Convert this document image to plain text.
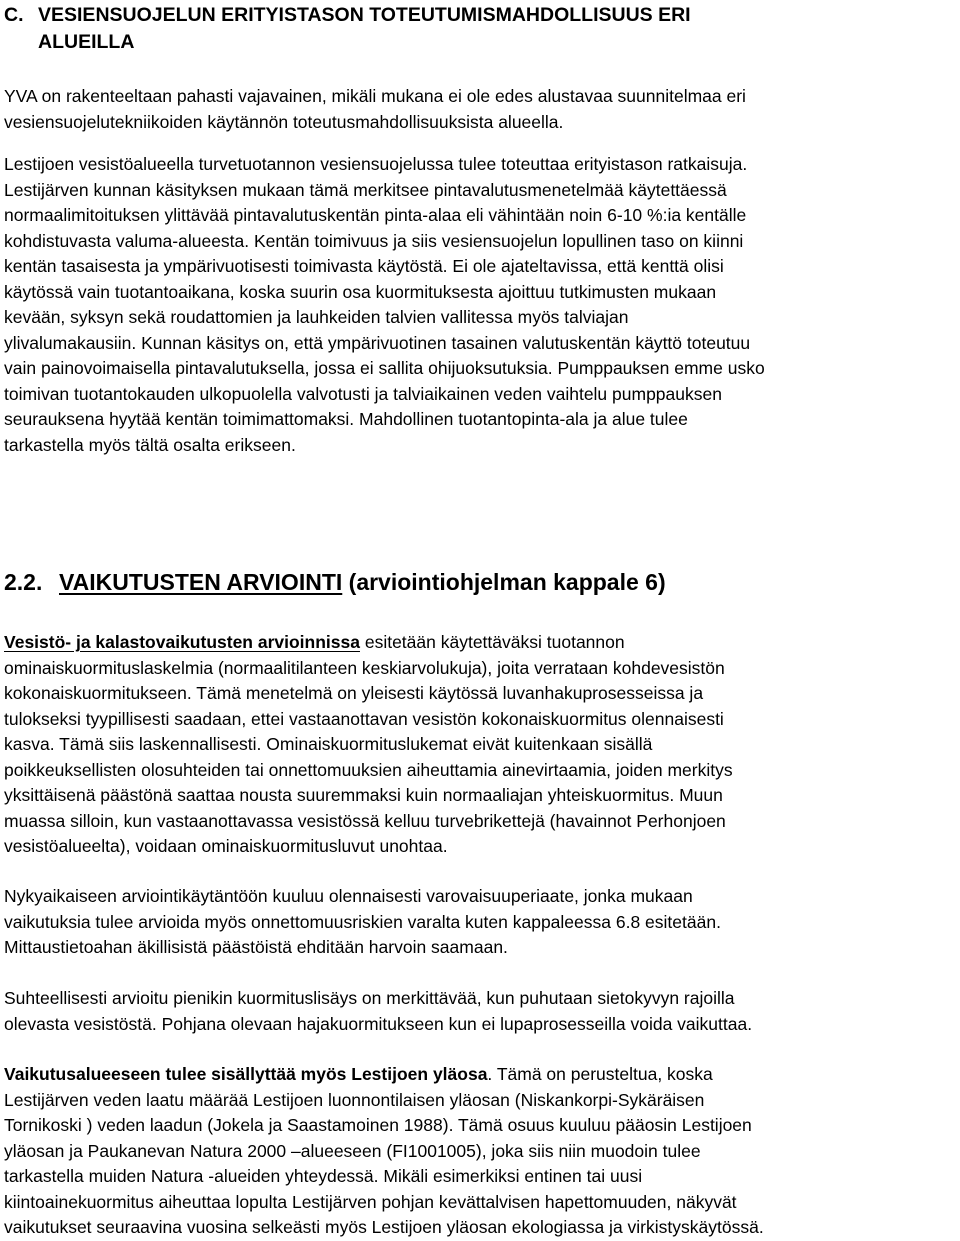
C. VESIENSUOJELUN ERITYISTASON TOTEUTUMISMAHDOLLISUUS ERI
ALUEILLA

YVA on rakenteeltaan pahasti vajavainen, mikäli mukana ei ole edes alustavaa suunnitelmaa eri
vesiensuojelutekniikoiden käytännön toteutusmahdollisuuksista alueella.

Lestijoen vesistöalueella turvetuotannon vesiensuojelussa tulee toteuttaa erityistason ratkaisuja.
Lestijärven kunnan käsityksen mukaan tämä merkitsee pintavalutusmenetelmää käytettäessä
normaalimitoituksen ylittävää pintavalutuskentän pinta-alaa eli vähintään noin 6-10 %:ia kentälle
kohdistuvasta valuma-alueesta. Kentän toimivuus ja siis vesiensuojelun lopullinen taso on kiinni
kentän tasaisesta ja ympärivuotisesti toimivasta käytöstä. Ei ole ajateltavissa, että kenttä olisi
käytössä vain tuotantoaikana, koska suurin osa kuormituksesta ajoittuu tutkimusten mukaan
kevään, syksyn sekä roudattomien ja lauhkeiden talvien vallitessa myös talviajan
ylivalumakausiin. Kunnan käsitys on, että ympärivuotinen tasainen valutuskentän käyttö toteutuu
vain painovoimaisella pintavalutuksella, jossa ei sallita ohijuoksutuksia. Pumppauksen emme usko
toimivan tuotantokauden ulkopuolella valvotusti ja talviaikainen veden vaihtelu pumppauksen
seurauksena hyytää kentän toimimattomaksi. Mahdollinen tuotantopinta-ala ja alue tulee
tarkastella myös tältä osalta erikseen.

2.2. VAIKUTUSTEN ARVIOINTI (arviointiohjelman kappale 6)

Vesistö- ja kalastovaikutusten arvioinnissa esitetään käytettäväksi tuotannon
ominaiskuormituslaskelmia (normaalitilanteen keskiarvolukuja), joita verrataan kohdevesistön
kokonaiskuormitukseen. Tämä menetelmä on yleisesti käytössä luvanhakuprosesseissa ja
tulokseksi tyypillisesti saadaan, ettei vastaanottavan vesistön kokonaiskuormitus olennaisesti
kasva. Tämä siis laskennallisesti. Ominaiskuormituslukemat eivät kuitenkaan sisällä
poikkeuksellisten olosuhteiden tai onnettomuuksien aiheuttamia ainevirtaamia, joiden merkitys
yksittäisenä päästönä saattaa nousta suuremmaksi kuin normaaliajan yhteiskuormitus. Muun
muassa silloin, kun vastaanottavassa vesistössä kelluu turvebrikettejä (havainnot Perhonjoen
vesistöalueelta), voidaan ominaiskuormitusluvut unohtaa.

Nykyaikaiseen arviointikäytäntöön kuuluu olennaisesti varovaisuuperiaate, jonka mukaan
vaikutuksia tulee arvioida myös onnettomuusriskien varalta kuten kappaleessa 6.8 esitetään.
Mittaustietoahan äkillisistä päästöistä ehditään harvoin saamaan.

Suhteellisesti arvioitu pienikin kuormituslisäys on merkittävää, kun puhutaan sietokyvyn rajoilla
olevasta vesistöstä. Pohjana olevaan hajakuormitukseen kun ei lupaprosesseilla voida vaikuttaa.

Vaikutusalueeseen tulee sisällyttää myös Lestijoen yläosa. Tämä on perusteltua, koska
Lestijärven veden laatu määrää Lestijoen luonnontilaisen yläosan (Niskankorpi-Sykäräisen
Tornikoski ) veden laadun (Jokela ja Saastamoinen 1988). Tämä osuus kuuluu pääosin Lestijoen
yläosan ja Paukanevan Natura 2000 –alueeseen (FI1001005), joka siis niin muodoin tulee
tarkastella muiden Natura -alueiden yhteydessä. Mikäli esimerkiksi entinen tai uusi
kiintoainekuormitus aiheuttaa lopulta Lestijärven pohjan kevättalvisen hapettomuuden, näkyvät
vaikutukset seuraavina vuosina selkeästi myös Lestijoen yläosan ekologiassa ja virkistyskäytössä.
